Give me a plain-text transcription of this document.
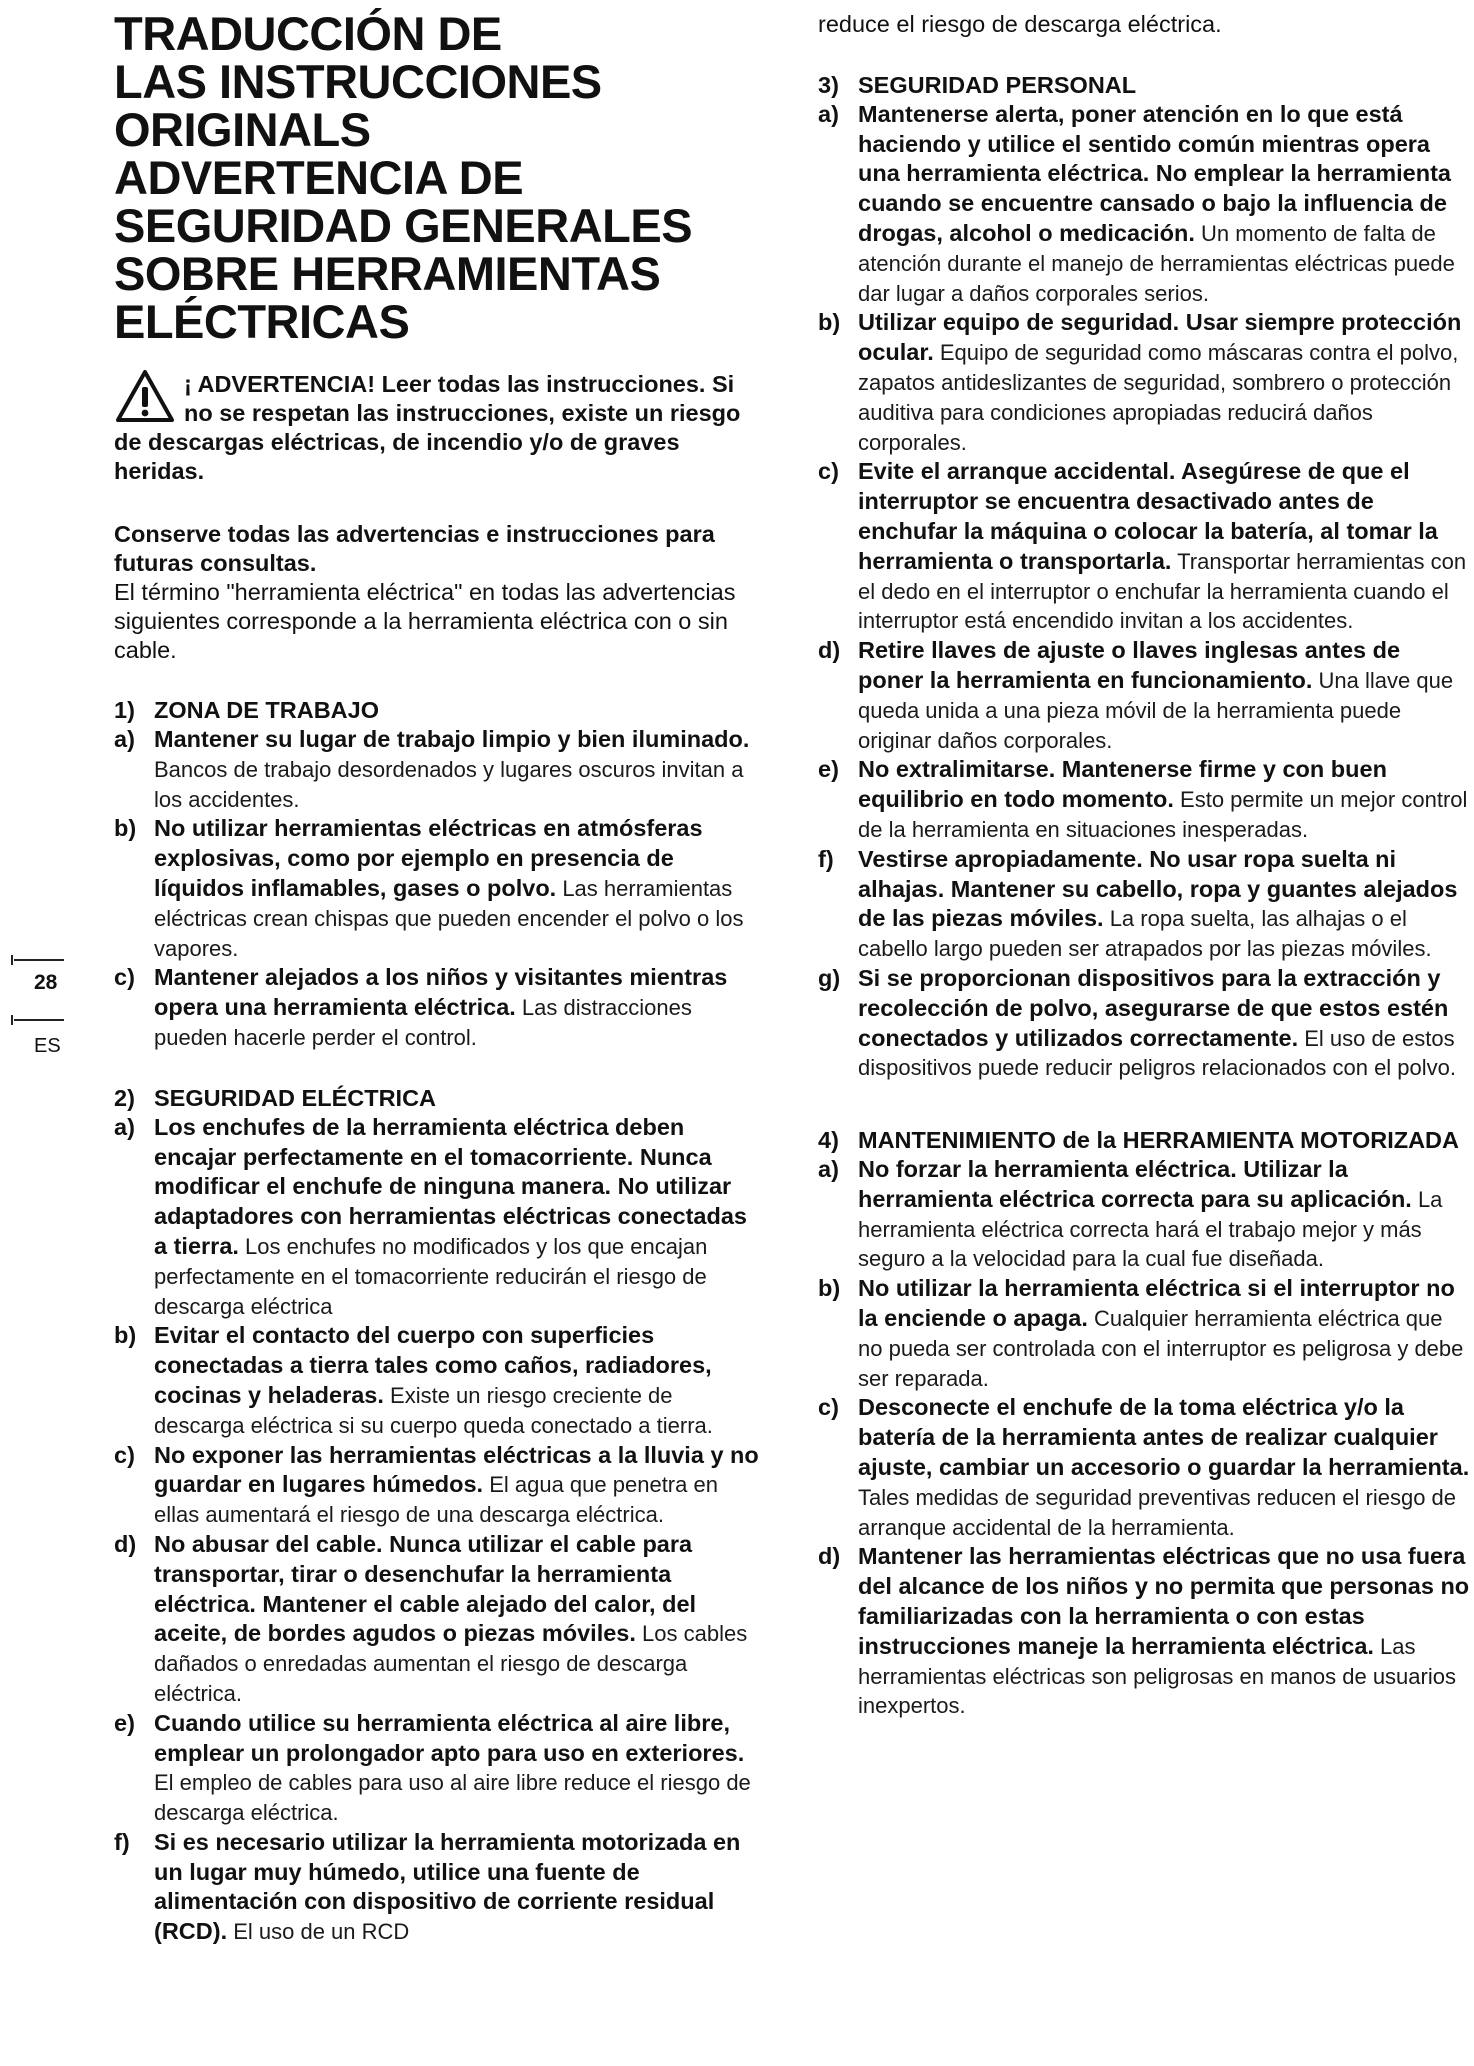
28
ES
TRADUCCIÓN DE
LAS INSTRUCCIONES
ORIGINALS
ADVERTENCIA DE
SEGURIDAD GENERALES
SOBRE HERRAMIENTAS
ELÉCTRICAS

¡ ADVERTENCIA! Leer todas las instrucciones. Si no se respetan las instrucciones, existe un riesgo de descargas eléctricas, de incendio y/o de graves heridas.

Conserve todas las advertencias e instrucciones para futuras consultas.
El término "herramienta eléctrica" en todas las advertencias siguientes corresponde a la herramienta eléctrica con o sin cable.
1) ZONA DE TRABAJO
a) Mantener su lugar de trabajo limpio y bien iluminado. Bancos de trabajo desordenados y lugares oscuros invitan a los accidentes.
b) No utilizar herramientas eléctricas en atmósferas explosivas, como por ejemplo en presencia de líquidos inflamables, gases o polvo. Las herramientas eléctricas crean chispas que pueden encender el polvo o los vapores.
c) Mantener alejados a los niños y visitantes mientras opera una herramienta eléctrica. Las distracciones pueden hacerle perder el control.
2) SEGURIDAD ELÉCTRICA
a) Los enchufes de la herramienta eléctrica deben encajar perfectamente en el tomacorriente. Nunca modificar el enchufe de ninguna manera. No utilizar adaptadores con herramientas eléctricas conectadas a tierra. Los enchufes no modificados y los que encajan perfectamente en el tomacorriente reducirán el riesgo de descarga eléctrica
b) Evitar el contacto del cuerpo con superficies conectadas a tierra tales como caños, radiadores, cocinas y heladeras. Existe un riesgo creciente de descarga eléctrica si su cuerpo queda conectado a tierra.
c) No exponer las herramientas eléctricas a la lluvia y no guardar en lugares húmedos. El agua que penetra en ellas aumentará el riesgo de una descarga eléctrica.
d) No abusar del cable. Nunca utilizar el cable para transportar, tirar o desenchufar la herramienta eléctrica. Mantener el cable alejado del calor, del aceite, de bordes agudos o piezas móviles. Los cables dañados o enredadas aumentan el riesgo de descarga eléctrica.
e) Cuando utilice su herramienta eléctrica al aire libre, emplear un prolongador apto para uso en exteriores. El empleo de cables para uso al aire libre reduce el riesgo de descarga eléctrica.
f)	Si es necesario utilizar la herramienta motorizada en un lugar muy húmedo, utilice una fuente de alimentación con dispositivo de corriente residual (RCD). El uso de un RCD

reduce el riesgo de descarga eléctrica.

3) SEGURIDAD PERSONAL
a) Mantenerse alerta, poner atención en lo que está haciendo y utilice el sentido común mientras opera una herramienta eléctrica. No emplear la herramienta cuando se encuentre cansado o bajo la influencia de drogas, alcohol o medicación. Un momento de falta de atención durante el manejo de herramientas eléctricas puede dar lugar a daños corporales serios.
b) Utilizar equipo de seguridad. Usar siempre protección ocular. Equipo de seguridad como máscaras contra el polvo, zapatos antideslizantes de seguridad, sombrero o protección auditiva para condiciones apropiadas reducirá daños corporales.
c) Evite el arranque accidental. Asegúrese de que el interruptor se encuentra desactivado antes de enchufar la máquina o colocar la batería, al tomar la herramienta o transportarla. Transportar herramientas con el dedo en el interruptor o enchufar la herramienta cuando el interruptor está encendido invitan a los accidentes.
d) Retire llaves de ajuste o llaves inglesas antes de poner la herramienta en funcionamiento. Una llave que queda unida a una pieza móvil de la herramienta puede originar daños corporales.
e) No extralimitarse. Mantenerse firme y con buen equilibrio en todo momento. Esto permite un mejor control de la herramienta en situaciones inesperadas.
f)	Vestirse apropiadamente. No usar ropa suelta ni alhajas. Mantener su cabello, ropa y guantes alejados de las piezas móviles. La ropa suelta, las alhajas o el cabello largo pueden ser atrapados por las piezas móviles.
g) Si se proporcionan dispositivos para la extracción y recolección de polvo, asegurarse de que estos estén conectados y utilizados correctamente. El uso de estos dispositivos puede reducir peligros relacionados con el polvo.
4) MANTENIMIENTO de la HERRAMIENTA MOTORIZADA
a) No forzar la herramienta eléctrica. Utilizar la herramienta eléctrica correcta para su aplicación. La herramienta eléctrica correcta hará el trabajo mejor y más seguro a la velocidad para la cual fue diseñada.
b) No utilizar la herramienta eléctrica si el interruptor no la enciende o apaga. Cualquier herramienta eléctrica que no pueda ser controlada con el interruptor es peligrosa y debe ser reparada.
c) Desconecte el enchufe de la toma eléctrica y/o la batería de la herramienta antes de realizar cualquier ajuste, cambiar un accesorio o guardar la herramienta. Tales medidas de seguridad preventivas reducen el riesgo de arranque accidental de la herramienta.
d) Mantener las herramientas eléctricas que no usa fuera del alcance de los niños y no permita que personas no familiarizadas con la herramienta o con estas instrucciones maneje la herramienta eléctrica. Las herramientas eléctricas son peligrosas en manos de usuarios inexpertos.
